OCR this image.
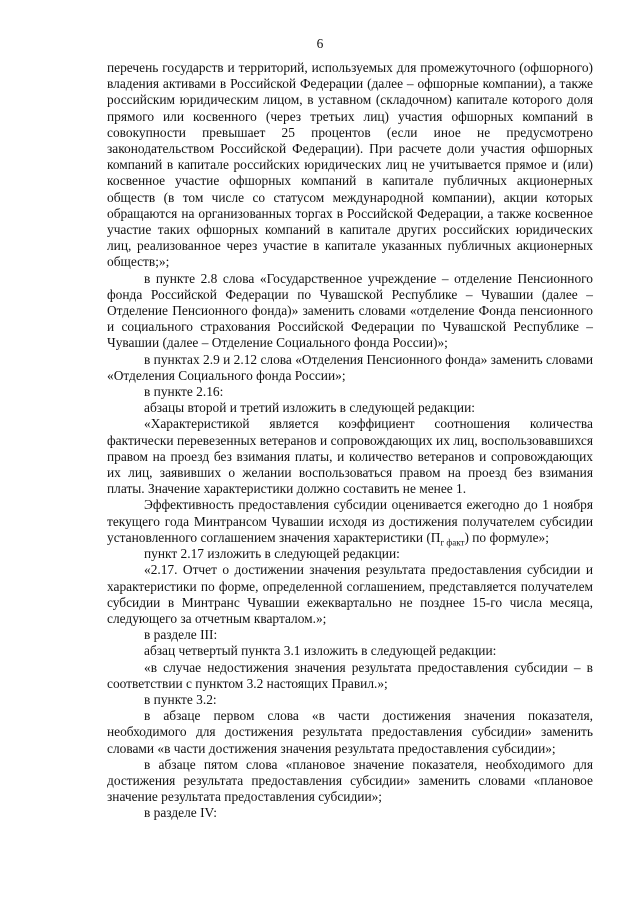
6

перечень государств и территорий, используемых для промежуточного (офшорного) владения активами в Российской Федерации (далее – офшорные компании), а также российским юридическим лицом, в уставном (складочном) капитале которого доля прямого или косвенного (через третьих лиц) участия офшорных компаний в совокупности превышает 25 процентов (если иное не предусмотрено законодательством Российской Федерации). При расчете доли участия офшорных компаний в капитале российских юридических лиц не учитывается прямое и (или) косвенное участие офшорных компаний в капитале публичных акционерных обществ (в том числе со статусом международной компании), акции которых обращаются на организованных торгах в Российской Федерации, а также косвенное участие таких офшорных компаний в капитале других российских юридических лиц, реализованное через участие в капитале указанных публичных акционерных обществ;»;

в пункте 2.8 слова «Государственное учреждение – отделение Пенсионного фонда Российской Федерации по Чувашской Республике – Чувашии (далее – Отделение Пенсионного фонда)» заменить словами «отделение Фонда пенсионного и социального страхования Российской Федерации по Чувашской Республике – Чувашии (далее – Отделение Социального фонда России)»;

в пунктах 2.9 и 2.12 слова «Отделения Пенсионного фонда» заменить словами «Отделения Социального фонда России»;

в пункте 2.16:

абзацы второй и третий изложить в следующей редакции:

«Характеристикой является коэффициент соотношения количества фактически перевезенных ветеранов и сопровождающих их лиц, воспользовавшихся правом на проезд без взимания платы, и количество ветеранов и сопровождающих их лиц, заявивших о желании воспользоваться правом на проезд без взимания платы. Значение характеристики должно составить не менее 1.

Эффективность предоставления субсидии оценивается ежегодно до 1 ноября текущего года Минтрансом Чувашии исходя из достижения получателем субсидии установленного соглашением значения характеристики $(П_{г факт})$ по формуле»;

пункт 2.17 изложить в следующей редакции:

«2.17. Отчет о достижении значения результата предоставления субсидии и характеристики по форме, определенной соглашением, представляется получателем субсидии в Минтранс Чувашии ежеквартально не позднее 15-го числа месяца, следующего за отчетным кварталом.»;

в разделе III:

абзац четвертый пункта 3.1 изложить в следующей редакции:

«в случае недостижения значения результата предоставления субсидии – в соответствии с пунктом 3.2 настоящих Правил.»;

в пункте 3.2:

в абзаце первом слова «в части достижения значения показателя, необходимого для достижения результата предоставления субсидии» заменить словами «в части достижения значения результата предоставления субсидии»;

в абзаце пятом слова «плановое значение показателя, необходимого для достижения результата предоставления субсидии» заменить словами «плановое значение результата предоставления субсидии»;

в разделе IV:
